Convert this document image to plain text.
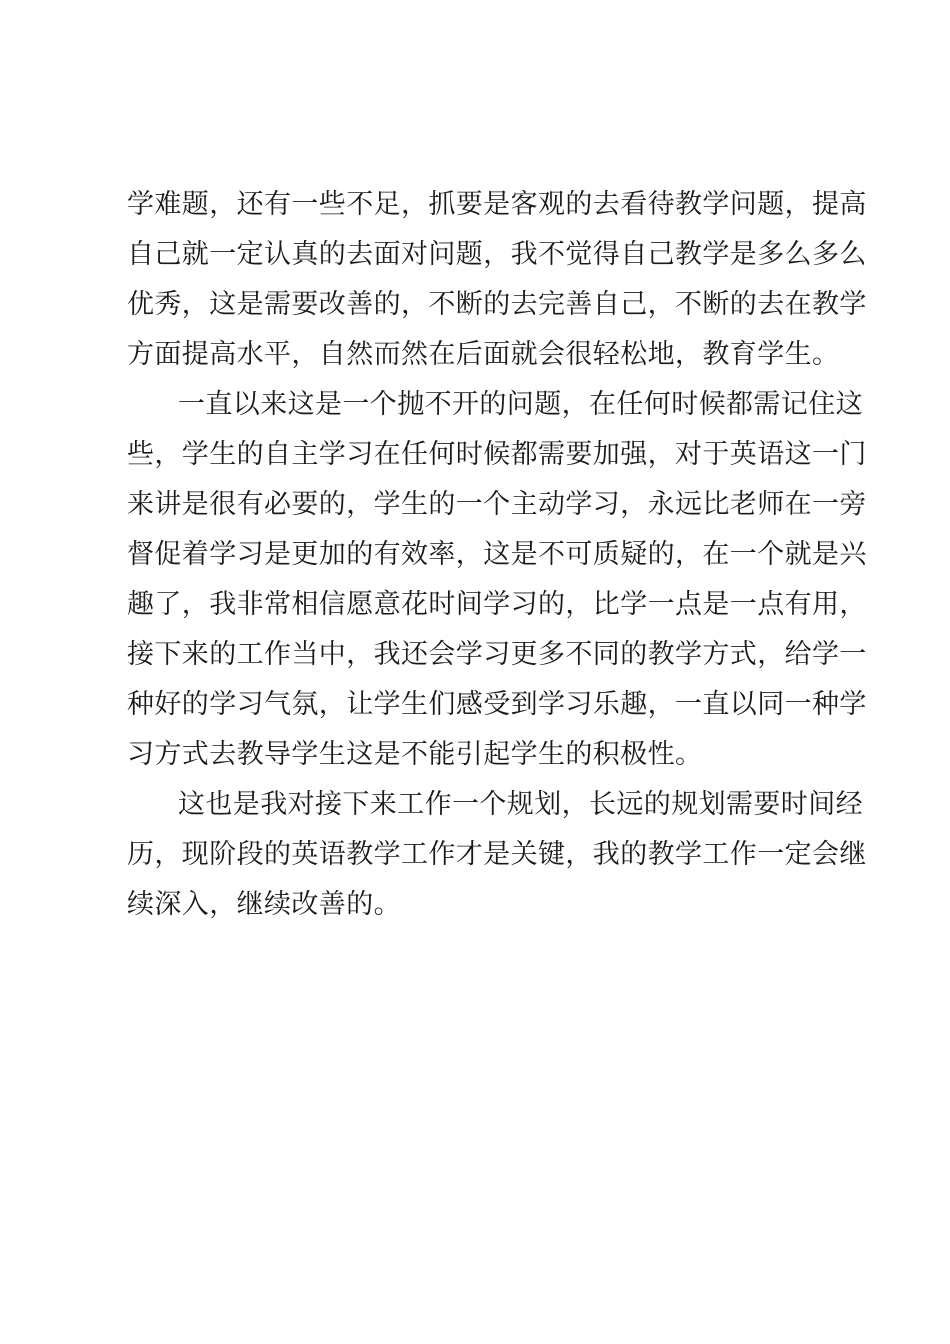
学难题，还有一些不足，抓要是客观的去看待教学问题，提高
自己就一定认真的去面对问题，我不觉得自己教学是多么多么
优秀，这是需要改善的，不断的去完善自己，不断的去在教学
方面提高水平，自然而然在后面就会很轻松地，教育学生。
一直以来这是一个抛不开的问题，在任何时候都需记住这
些，学生的自主学习在任何时候都需要加强，对于英语这一门
来讲是很有必要的，学生的一个主动学习，永远比老师在一旁
督促着学习是更加的有效率，这是不可质疑的，在一个就是兴
趣了，我非常相信愿意花时间学习的，比学一点是一点有用，
接下来的工作当中，我还会学习更多不同的教学方式，给学一
种好的学习气氛，让学生们感受到学习乐趣，一直以同一种学
习方式去教导学生这是不能引起学生的积极性。
这也是我对接下来工作一个规划，长远的规划需要时间经
历，现阶段的英语教学工作才是关键，我的教学工作一定会继
续深入，继续改善的。
